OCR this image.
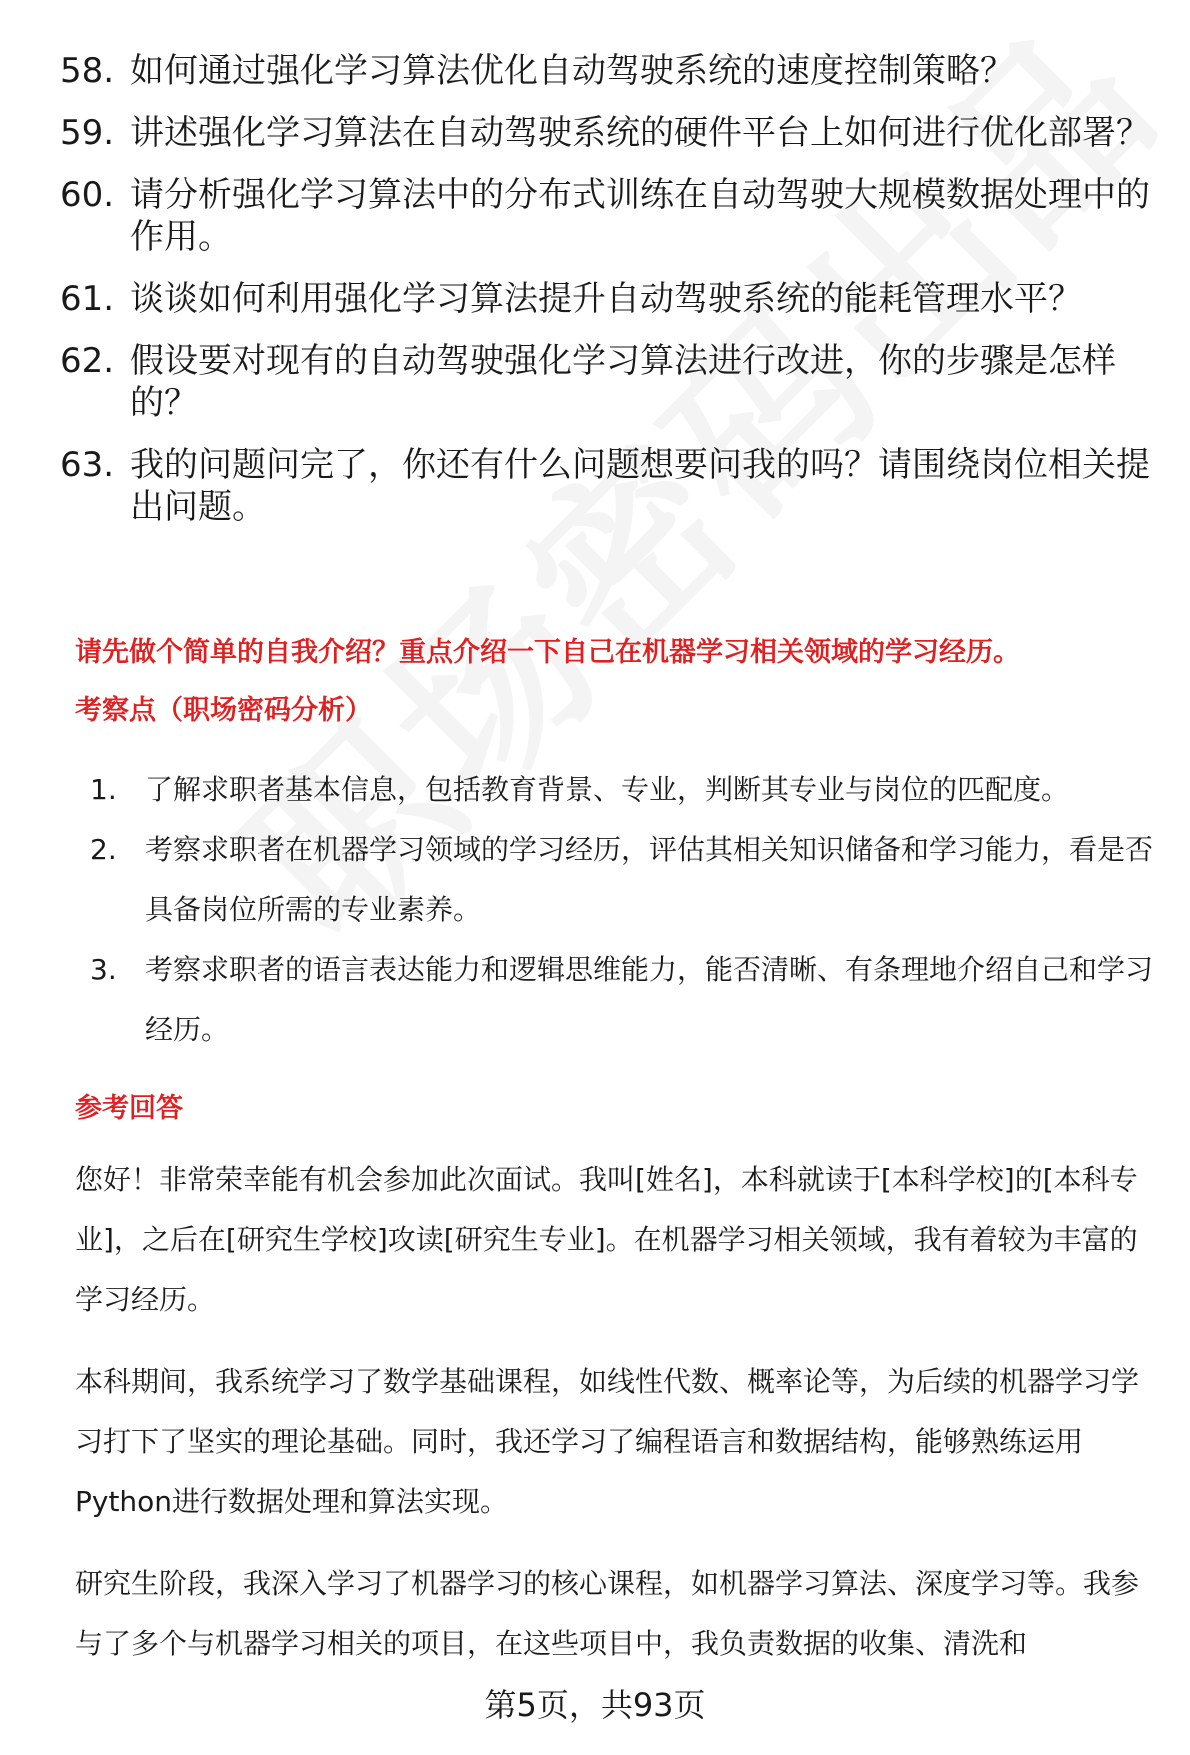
58. 如何通过强化学习算法优化自动驾驶系统的速度控制策略？
59. 讲述强化学习算法在自动驾驶系统的硬件平台上如何进行优化部署？
60. 请分析强化学习算法中的分布式训练在自动驾驶大规模数据处理中的作用。
61. 谈谈如何利用强化学习算法提升自动驾驶系统的能耗管理水平？
62. 假设要对现有的自动驾驶强化学习算法进行改进，你的步骤是怎样的？
63. 我的问题问完了，你还有什么问题想要问我的吗？请围绕岗位相关提出问题。
请先做个简单的自我介绍？重点介绍一下自己在机器学习相关领域的学习经历。
考察点（职场密码分析）
1.	了解求职者基本信息，包括教育背景、专业，判断其专业与岗位的匹配度。
2.	考察求职者在机器学习领域的学习经历，评估其相关知识储备和学习能力，看是否具备岗位所需的专业素养。
3.	考察求职者的语言表达能力和逻辑思维能力，能否清晰、有条理地介绍自己和学习经历。
参考回答
您好！非常荣幸能有机会参加此次面试。我叫[姓名]，本科就读于[本科学校]的[本科专业]，之后在[研究生学校]攻读[研究生专业]。在机器学习相关领域，我有着较为丰富的学习经历。
本科期间，我系统学习了数学基础课程，如线性代数、概率论等，为后续的机器学习学习打下了坚实的理论基础。同时，我还学习了编程语言和数据结构，能够熟练运用Python进行数据处理和算法实现。
研究生阶段，我深入学习了机器学习的核心课程，如机器学习算法、深度学习等。我参与了多个与机器学习相关的项目，在这些项目中，我负责数据的收集、清洗和
第5页，共93页
